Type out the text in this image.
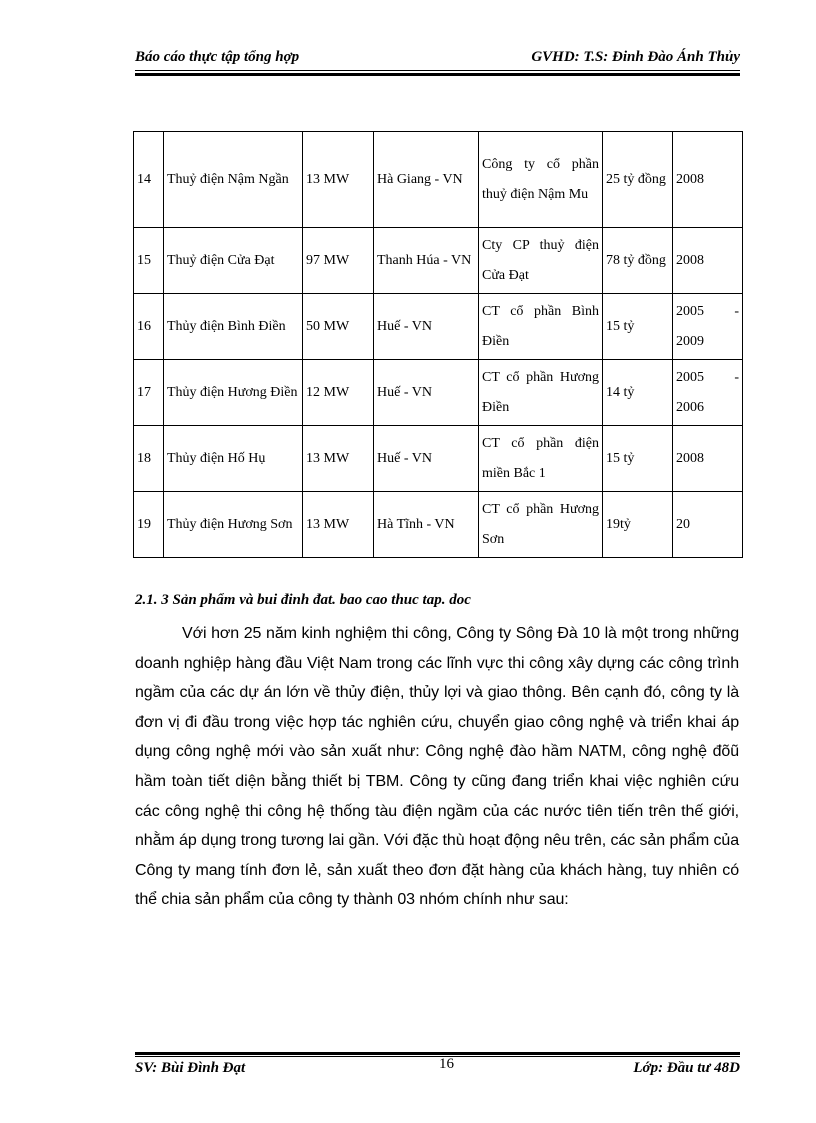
Báo cáo thực tập tổng hợp	GVHD: T.S: Đinh Đào Ánh Thủy
14	Thuỷ điện Nậm Ngần	13 MW	Hà Giang - VN	Công ty cổ phần thuỷ điện Nậm Mu	25 tỷ đồng	2008
15	Thuỷ điện Cửa Đạt	97 MW	Thanh Húa - VN	Cty CP thuỷ điện Cửa Đạt	78 tỷ đồng	2008
16	Thủy điện Bình Điền	50 MW	Huế - VN	CT cổ phần Bình Điền	15 tỷ	2005 - 2009
17	Thủy điện Hương Điền	12 MW	Huế - VN	CT cổ phần Hương Điền	14 tỷ	2005 - 2006
18	Thủy điện Hố Hụ	13 MW	Huế - VN	CT cổ phần điện miền Bắc 1	15 tỷ	2008
19	Thủy điện Hương Sơn	13 MW	Hà Tĩnh - VN	CT cổ phần Hương Sơn	19tỷ	20
2.1. 3 Sản phẩm và bui đinh đat. bao cao thuc tap. doc
Với hơn 25 năm kinh nghiệm thi công, Công ty Sông Đà 10 là một trong những doanh nghiệp hàng đầu Việt Nam trong các lĩnh vực thi công xây dựng các công trình ngầm của các dự án lớn về thủy điện, thủy lợi và giao thông. Bên cạnh đó, công ty là đơn vị đi đầu trong việc hợp tác nghiên cứu, chuyển giao công nghệ và triển khai áp dụng công nghệ mới vào sản xuất như: Công nghệ đào hầm NATM, công nghệ đõũ hầm toàn tiết diện bằng thiết bị TBM. Công ty cũng đang triển khai việc nghiên cứu các công nghệ thi công hệ thống tàu điện ngầm của các nước tiên tiến trên thế giới, nhằm áp dụng trong tương lai gần. Với đặc thù hoạt động nêu trên, các sản phẩm của Công ty mang tính đơn lẻ, sản xuất theo đơn đặt hàng của khách hàng, tuy nhiên có thể chia sản phẩm của công ty thành 03 nhóm chính như sau:
SV: Bùi Đình Đạt	16	Lớp: Đầu tư 48D
